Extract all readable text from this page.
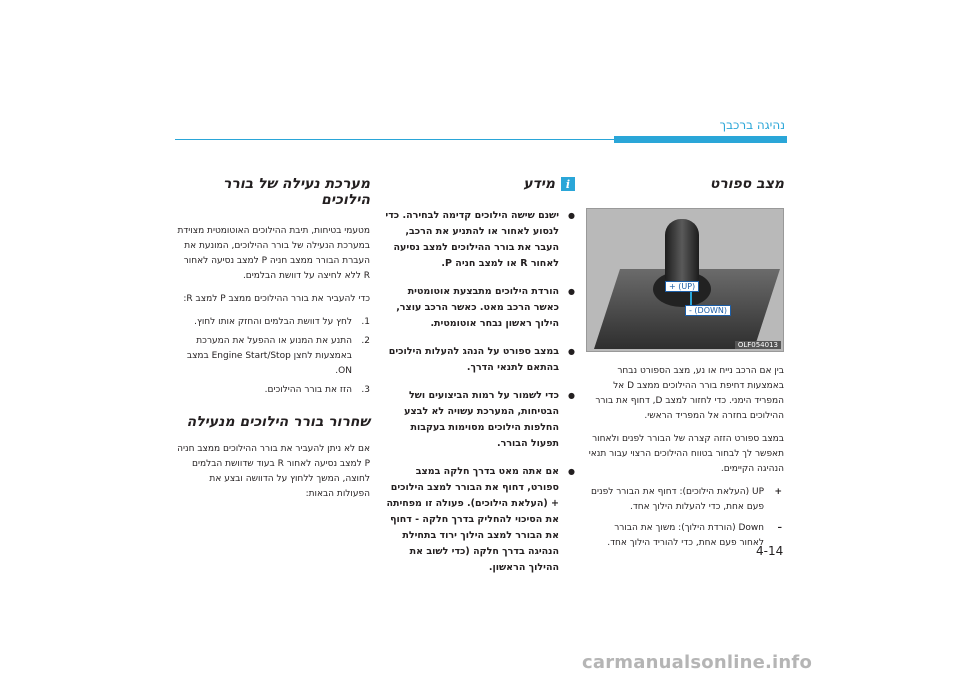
נהיגה ברכבך
מצב ספורט
+ (UP)
- (DOWN)
OLF054013

בין אם הרכב נייח או נע, מצב הספורט נבחר באמצעות דחיפת בורר ההילוכים ממצב D אל המפריד הימני. כדי לחזור למצב D, דחוף את בורר ההילוכים בחזרה אל המפריד הראשי.

במצב ספורט הזזה קצרה של הבורר לפנים ולאחור תאפשר לך לבחור בטווח ההילוכים הרצוי עבור תנאי הנהיגה הקיימים.

+
UP (העלאת הילוכים): דחוף את הבורר לפנים פעם אחת, כדי להעלות הילוך אחד.
–
Down (הורדת הילוך): משוך את הבורר לאחור פעם אחת, כדי להוריד הילוך אחד.
i
מידע
● ישנם שישה הילוכים קדימה לבחירה. כדי לנסוע לאחור או להתניע את הרכב, העבר את בורר ההילוכים למצב נסיעה לאחור R או למצב חניה P.
● הורדת הילוכים מתבצעת אוטומטית כאשר הרכב מאט. כאשר הרכב עוצר, הילוך ראשון נבחר אוטומטית.
● במצב ספורט על הנהג להעלות הילוכים בהתאם לתנאי הדרך.
● כדי לשמור על רמות הביצועים ושל הבטיחות, המערכת עשויה לא לבצע החלפות הילוכים מסוימות בעקבות תפעול הבורר.
● אם אתה מאט בדרך חלקה במצב ספורט, דחוף את הבורר למצב הילוכים + (העלאת הילוכים). פעולה זו מפחיתה את הסיכוי להחליק בדרך חלקה - דחוף את הבורר למצב הילוך ירוד בתחילת הנהיגה בדרך חלקה (כדי לשוב את ההילוך הראשון.
מערכת נעילה של בורר הילוכים

מטעמי בטיחות, תיבת ההילוכים האוטומטית מצוידת במערכת הנעילה של בורר ההילוכים, המונעת את העברת הבורר ממצב חניה P למצב נסיעה לאחור R ללא לחיצה על דוושת הבלמים.

כדי להעביר את בורר ההילוכים ממצב P למצב R:

1.
לחץ על דוושת הבלמים והחזק אותו לחוץ.
2.
התנע את המנוע או ההפעל את המערכת באמצעות לחצן Engine Start/Stop במצב ON.
3.
הזז את בורר ההילוכים.
שחרור בורר הילוכים מנעילה

אם לא ניתן להעביר את בורר ההילוכים ממצב חניה P למצב נסיעה לאחור R בעוד שדוושת הבלמים לחוצה, המשך ללחוץ על הדוושה ובצע את הפעולות הבאות:

4-14
carmanualsonline.info
